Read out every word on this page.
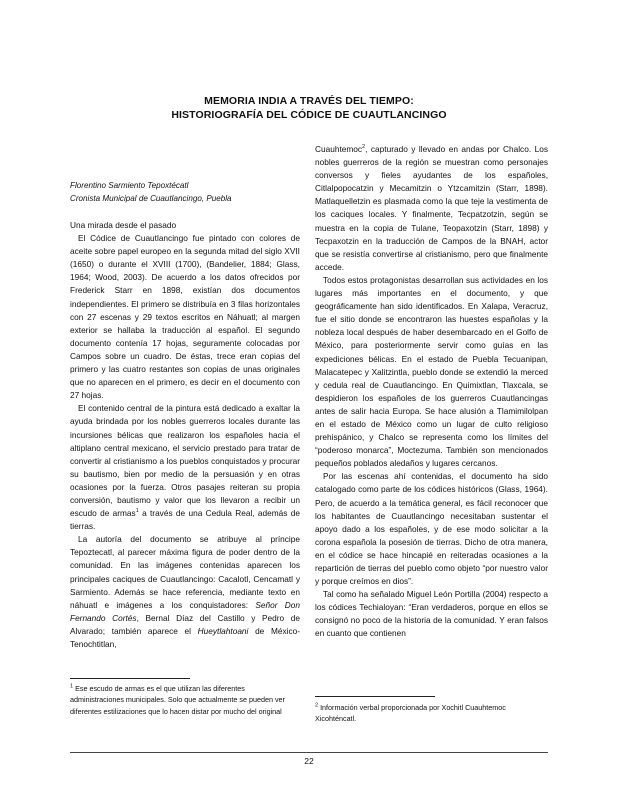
MEMORIA INDIA A TRAVÉS DEL TIEMPO:
HISTORIOGRAFÍA DEL CÓDICE DE CUAUTLANCINGO
Florentino Sarmiento Tepoxtécatl
Cronista Municipal de Cuautlancingo, Puebla

Una mirada desde el pasado

El Códice de Cuautlancingo fue pintado con colores de aceite sobre papel europeo en la segunda mitad del siglo XVII (1650) o durante el XVIII (1700), (Bandelier, 1884; Glass, 1964; Wood, 2003). De acuerdo a los datos ofrecidos por Frederick Starr en 1898, existían dos documentos independientes. El primero se distribuía en 3 filas horizontales con 27 escenas y 29 textos escritos en Náhuatl; al margen exterior se hallaba la traducción al español. El segundo documento contenía 17 hojas, seguramente colocadas por Campos sobre un cuadro. De éstas, trece eran copias del primero y las cuatro restantes son copias de unas originales que no aparecen en el primero, es decir en el documento con 27 hojas.

El contenido central de la pintura está dedicado a exaltar la ayuda brindada por los nobles guerreros locales durante las incursiones bélicas que realizaron los españoles hacia el altiplano central mexicano, el servicio prestado para tratar de convertir al cristianismo a los pueblos conquistados y procurar su bautismo, bien por medio de la persuasión y en otras ocasiones por la fuerza. Otros pasajes reiteran su propia conversión, bautismo y valor que los llevaron a recibir un escudo de armas$^1$ a través de una Cedula Real, además de tierras.

La autoría del documento se atribuye al príncipe Tepoztecatl, al parecer máxima figura de poder dentro de la comunidad. En las imágenes contenidas aparecen los principales caciques de Cuautlancingo: Cacalotl, Cencamatl y Sarmiento. Además se hace referencia, mediante texto en náhuatl e imágenes a los conquistadores: Señor Don Fernando Cortés, Bernal Díaz del Castillo y Pedro de Alvarado; también aparece el Hueytlahtoani de México-Tenochtitlan,

Cuauhtemoc$^2$, capturado y llevado en andas por Chalco. Los nobles guerreros de la región se muestran como personajes conversos y fieles ayudantes de los españoles, Citlalpopocatzin y Mecamitzin o Ytzcamitzin (Starr, 1898). Matlaquelletzin es plasmada como la que teje la vestimenta de los caciques locales. Y finalmente, Tecpatzotzin, según se muestra en la copia de Tulane, Teopaxotzin (Starr, 1898) y Tecpaxotzin en la traducción de Campos de la BNAH, actor que se resistía convertirse al cristianismo, pero que finalmente accede.

Todos estos protagonistas desarrollan sus actividades en los lugares más importantes en el documento, y que geográficamente han sido identificados. En Xalapa, Veracruz, fue el sitio donde se encontraron las huestes españolas y la nobleza local después de haber desembarcado en el Golfo de México, para posteriormente servir como guías en las expediciones bélicas. En el estado de Puebla Tecuanipan, Malacatepec y Xalitzintla, pueblo donde se extendió la merced y cedula real de Cuautlancingo. En Quimixtlan, Tlaxcala, se despidieron los españoles de los guerreros Cuautlancingas antes de salir hacia Europa. Se hace alusión a Tlamimilolpan en el estado de México como un lugar de culto religioso prehispánico, y Chalco se representa como los límites del “poderoso monarca”, Moctezuma. También son mencionados pequeños poblados aledaños y lugares cercanos.

Por las escenas ahí contenidas, el documento ha sido catalogado como parte de los códices históricos (Glass, 1964). Pero, de acuerdo a la temática general, es fácil reconocer que los habitantes de Cuautlancingo necesitaban sustentar el apoyo dado a los españoles, y de ese modo solicitar a la corona española la posesión de tierras. Dicho de otra manera, en el códice se hace hincapié en reiteradas ocasiones a la repartición de tierras del pueblo como objeto “por nuestro valor y porque creímos en dios”.

Tal como ha señalado Miguel León Portilla (2004) respecto a los códices Techialoyan: “Eran verdaderos, porque en ellos se consignó no poco de la historia de la comunidad. Y eran falsos en cuanto que contienen

$^1$ Ese escudo de armas es el que utilizan las diferentes administraciones municipales. Solo que actualmente se pueden ver diferentes estilizaciones que lo hacen distar por mucho del original
$^2$ Información verbal proporcionada por Xochitl Cuauhtemoc Xicohténcatl.
22
